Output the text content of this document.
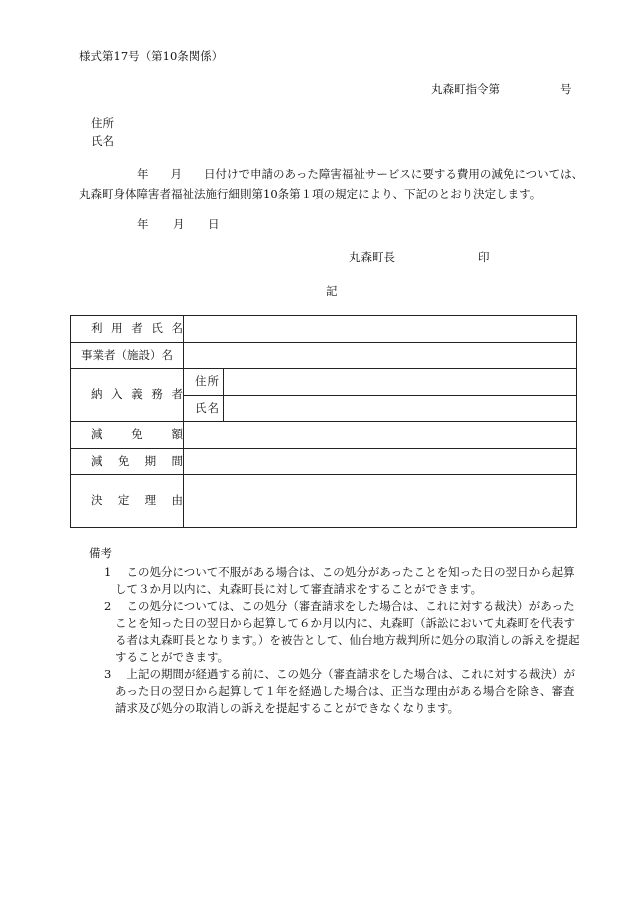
様式第17号（第10条関係）
丸森町指令第	号
住所
氏名
年 月 日付けで申請のあった障害福祉サービスに要する費用の減免については、
丸森町身体障害者福祉法施行細則第10条第１項の規定により、下記のとおり決定します。
年 月 日
丸森町長	印
記
利 用 者 氏 名		

事業者（施設）名		

納 入 義 務 者	住 所	

	氏 名	

減 免 額		

減 免 期 間		

決 定 理 由		

備考
1 　この処分について不服がある場合は、この処分があったことを知った日の翌日から起算
して３か月以内に、丸森町長に対して審査請求をすることができます。
2 　この処分については、この処分（審査請求をした場合は、これに対する裁決）があった
ことを知った日の翌日から起算して６か月以内に、丸森町（訴訟において丸森町を代表す
る者は丸森町長となります。）を被告として、仙台地方裁判所に処分の取消しの訴えを提起
することができます。
3 　上記の期間が経過する前に、この処分（審査請求をした場合は、これに対する裁決）が
あった日の翌日から起算して１年を経過した場合は、正当な理由がある場合を除き、審査
請求及び処分の取消しの訴えを提起することができなくなります。
